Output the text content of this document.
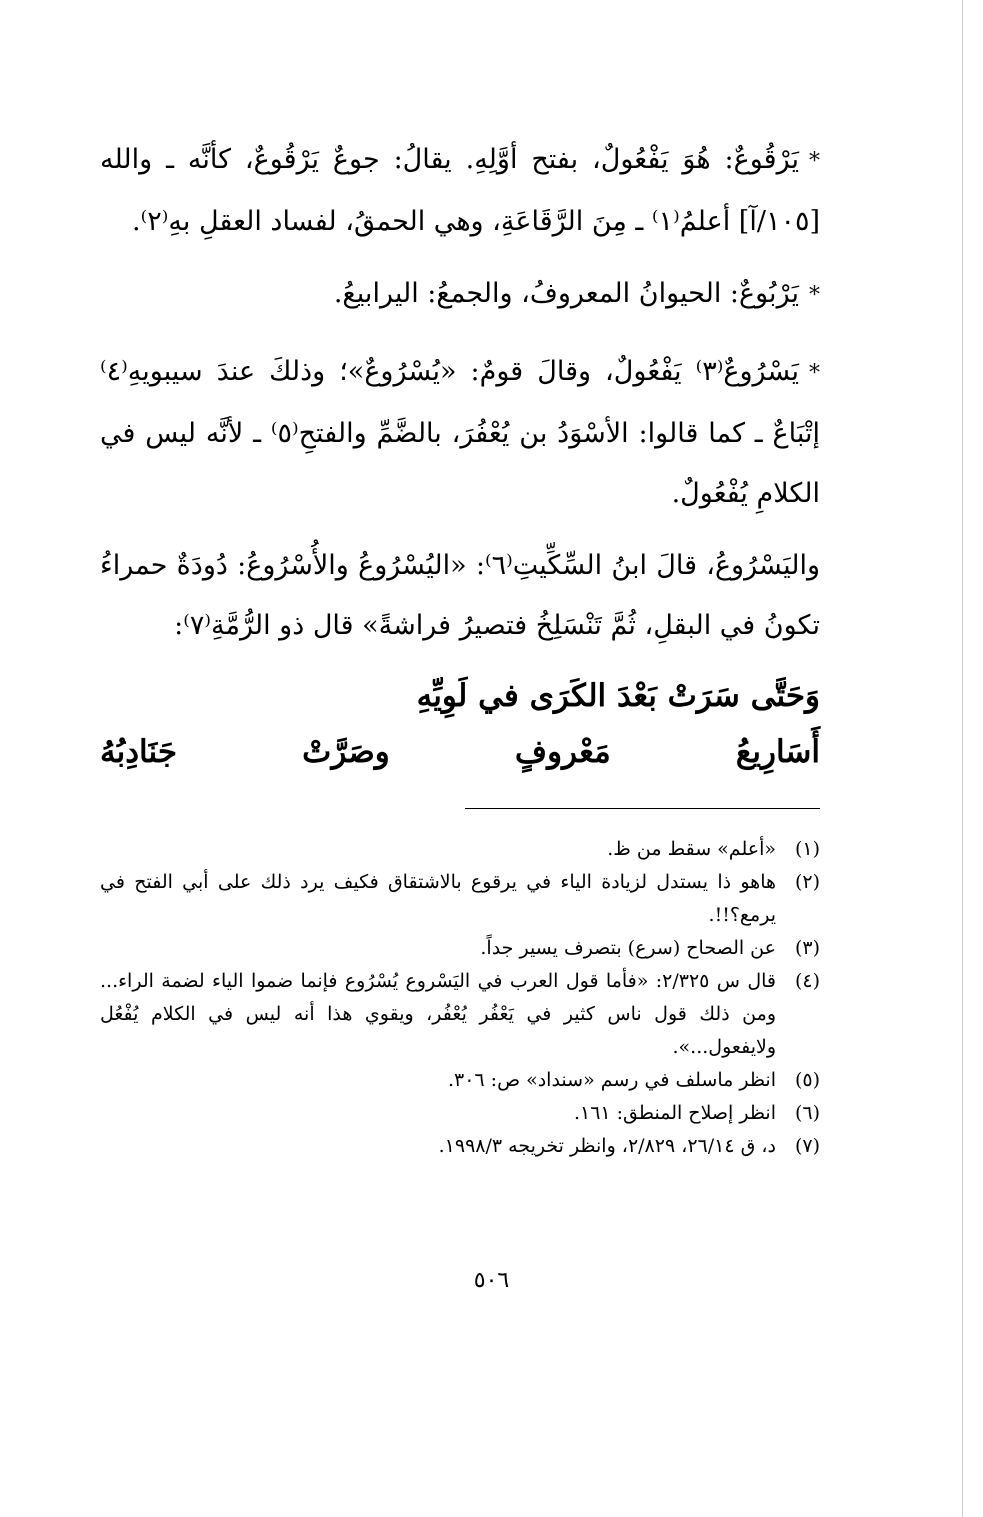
*يَرْقُوعٌ: هُوَ يَفْعُولٌ، بفتح أوَّلِهِ. يقالُ: جوعٌ يَرْقُوعٌ، كأنَّه ـ والله [١٠٥/آ] أعلمُ⁽١⁾ ـ مِنَ الرَّقَاعَةِ، وهي الحمقُ، لفساد العقلِ بهِ⁽٢⁾.

*يَرْبُوعٌ: الحيوانُ المعروفُ، والجمعُ: اليرابيعُ.

*يَسْرُوعٌ⁽٣⁾ يَفْعُولٌ، وقالَ قومٌ: «يُسْرُوعٌ»؛ وذلكَ عندَ سيبويهِ⁽٤⁾ إتْبَاعٌ ـ كما قالوا: الأسْوَدُ بن يُعْفُرَ، بالضَّمِّ والفتحِ⁽٥⁾ ـ لأنَّه ليس في الكلامِ يُفْعُولٌ.

واليَسْرُوعُ، قالَ ابنُ السِّكِّيتِ⁽٦⁾: «اليُسْرُوعُ والأُسْرُوعُ: دُودَةٌ حمراءُ تكونُ في البقلِ، ثُمَّ تَنْسَلِخُ فتصيرُ فراشةً» قال ذو الرُّمَّةِ⁽٧⁾:

وَحَتَّى سَرَتْ بَعْدَ الكَرَى في لَوِيِّهِ
أَسَارِيعُ مَعْروفٍ وصَرَّتْ جَنَادِبُهُ
(١)
«أعلم» سقط من ظ.
(٢)
هاهو ذا يستدل لزيادة الياء في يرقوع بالاشتقاق فكيف يرد ذلك على أبي الفتح في يرمع؟!!.
(٣)
عن الصحاح (سرع) بتصرف يسير جداً.
(٤)
قال س ٢/٣٢٥: «فأما قول العرب في اليَسْروع يُسْرُوع فإنما ضموا الياء لضمة الراء... ومن ذلك قول ناس كثير في يَعْفُر يُعْفُر، ويقوي هذا أنه ليس في الكلام يُفْعُل ولايفعول...».
(٥)
انظر ماسلف في رسم «سنداد» ص: ٣٠٦.
(٦)
انظر إصلاح المنطق: ١٦١.
(٧)
د، ق ٢٦/١٤، ٢/٨٢٩، وانظر تخريجه ١٩٩٨/٣.
٥٠٦
